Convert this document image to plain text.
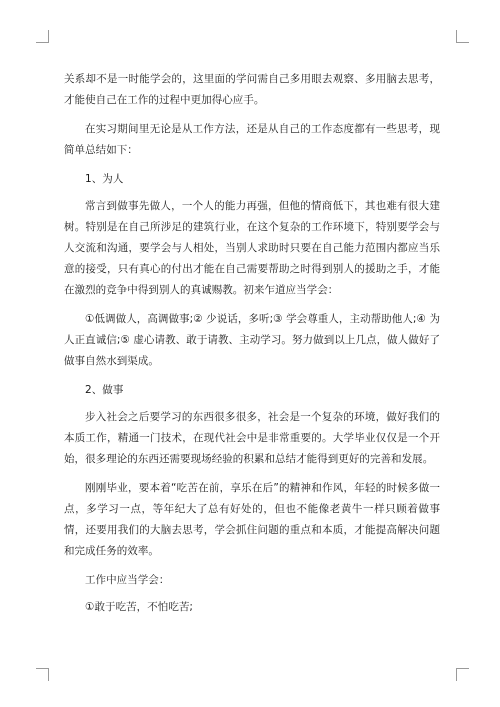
关系却不是一时能学会的，这里面的学问需自己多用眼去观察、多用脑去思考，才能使自己在工作的过程中更加得心应手。

在实习期间里无论是从工作方法，还是从自己的工作态度都有一些思考，现简单总结如下：

1、为人

常言到做事先做人，一个人的能力再强，但他的情商低下，其也难有很大建树。特别是在自己所涉足的建筑行业，在这个复杂的工作环境下，特别要学会与人交流和沟通，要学会与人相处，当别人求助时只要在自己能力范围内都应当乐意的接受，只有真心的付出才能在自己需要帮助之时得到别人的援助之手，才能在激烈的竞争中得到别人的真诚赐教。初来乍道应当学会：

①低调做人，高调做事;② 少说话，多听;③ 学会尊重人，主动帮助他人;④ 为人正直诚信;⑤ 虚心请教、敢于请教、主动学习。努力做到以上几点，做人做好了做事自然水到渠成。

2、做事

步入社会之后要学习的东西很多很多，社会是一个复杂的环境，做好我们的本质工作，精通一门技术，在现代社会中是非常重要的。大学毕业仅仅是一个开始，很多理论的东西还需要现场经验的积累和总结才能得到更好的完善和发展。

刚刚毕业，要本着“吃苦在前，享乐在后”的精神和作风，年轻的时候多做一点，多学习一点，等年纪大了总有好处的，但也不能像老黄牛一样只顾着做事情，还要用我们的大脑去思考，学会抓住问题的重点和本质，才能提高解决问题和完成任务的效率。

工作中应当学会：

①敢于吃苦，不怕吃苦;
